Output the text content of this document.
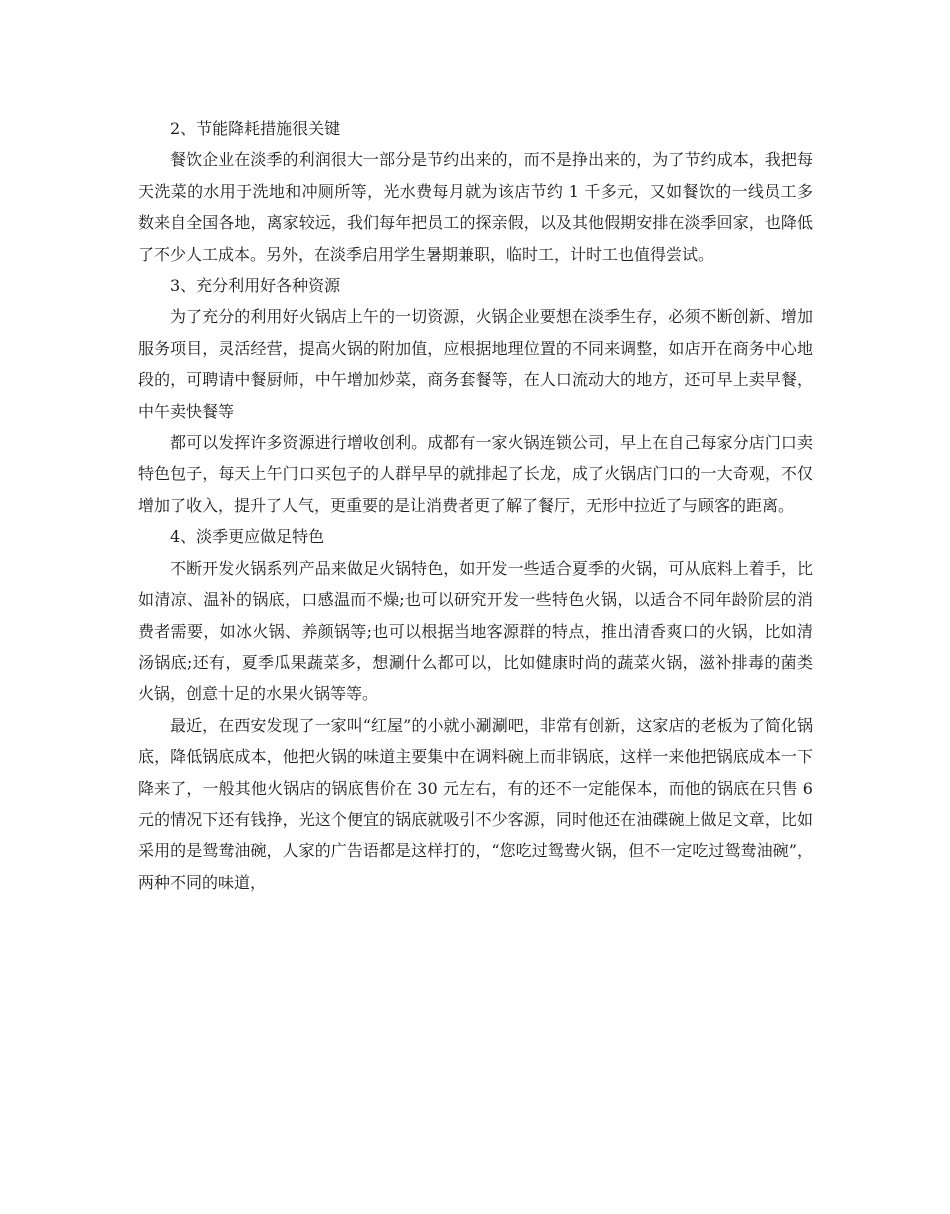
2、节能降耗措施很关键

餐饮企业在淡季的利润很大一部分是节约出来的，而不是挣出来的，为了节约成本，我把每天洗菜的水用于洗地和冲厕所等，光水费每月就为该店节约 1 千多元，又如餐饮的一线员工多数来自全国各地，离家较远，我们每年把员工的探亲假，以及其他假期安排在淡季回家，也降低了不少人工成本。另外，在淡季启用学生暑期兼职，临时工，计时工也值得尝试。

3、充分利用好各种资源

为了充分的利用好火锅店上午的一切资源，火锅企业要想在淡季生存，必须不断创新、增加服务项目，灵活经营，提高火锅的附加值，应根据地理位置的不同来调整，如店开在商务中心地段的，可聘请中餐厨师，中午增加炒菜，商务套餐等，在人口流动大的地方，还可早上卖早餐，中午卖快餐等

都可以发挥许多资源进行增收创利。成都有一家火锅连锁公司，早上在自己每家分店门口卖特色包子，每天上午门口买包子的人群早早的就排起了长龙，成了火锅店门口的一大奇观，不仅增加了收入，提升了人气，更重要的是让消费者更了解了餐厅，无形中拉近了与顾客的距离。

4、淡季更应做足特色

不断开发火锅系列产品来做足火锅特色，如开发一些适合夏季的火锅，可从底料上着手，比如清凉、温补的锅底，口感温而不燥;也可以研究开发一些特色火锅，以适合不同年龄阶层的消费者需要，如冰火锅、养颜锅等;也可以根据当地客源群的特点，推出清香爽口的火锅，比如清汤锅底;还有，夏季瓜果蔬菜多，想涮什么都可以，比如健康时尚的蔬菜火锅，滋补排毒的菌类火锅，创意十足的水果火锅等等。

最近，在西安发现了一家叫“红屋”的小就小涮涮吧，非常有创新，这家店的老板为了简化锅底，降低锅底成本，他把火锅的味道主要集中在调料碗上而非锅底，这样一来他把锅底成本一下降来了，一般其他火锅店的锅底售价在 30 元左右，有的还不一定能保本，而他的锅底在只售 6 元的情况下还有钱挣，光这个便宜的锅底就吸引不少客源，同时他还在油碟碗上做足文章，比如采用的是鸳鸯油碗，人家的广告语都是这样打的，“您吃过鸳鸯火锅，但不一定吃过鸳鸯油碗”，两种不同的味道，
